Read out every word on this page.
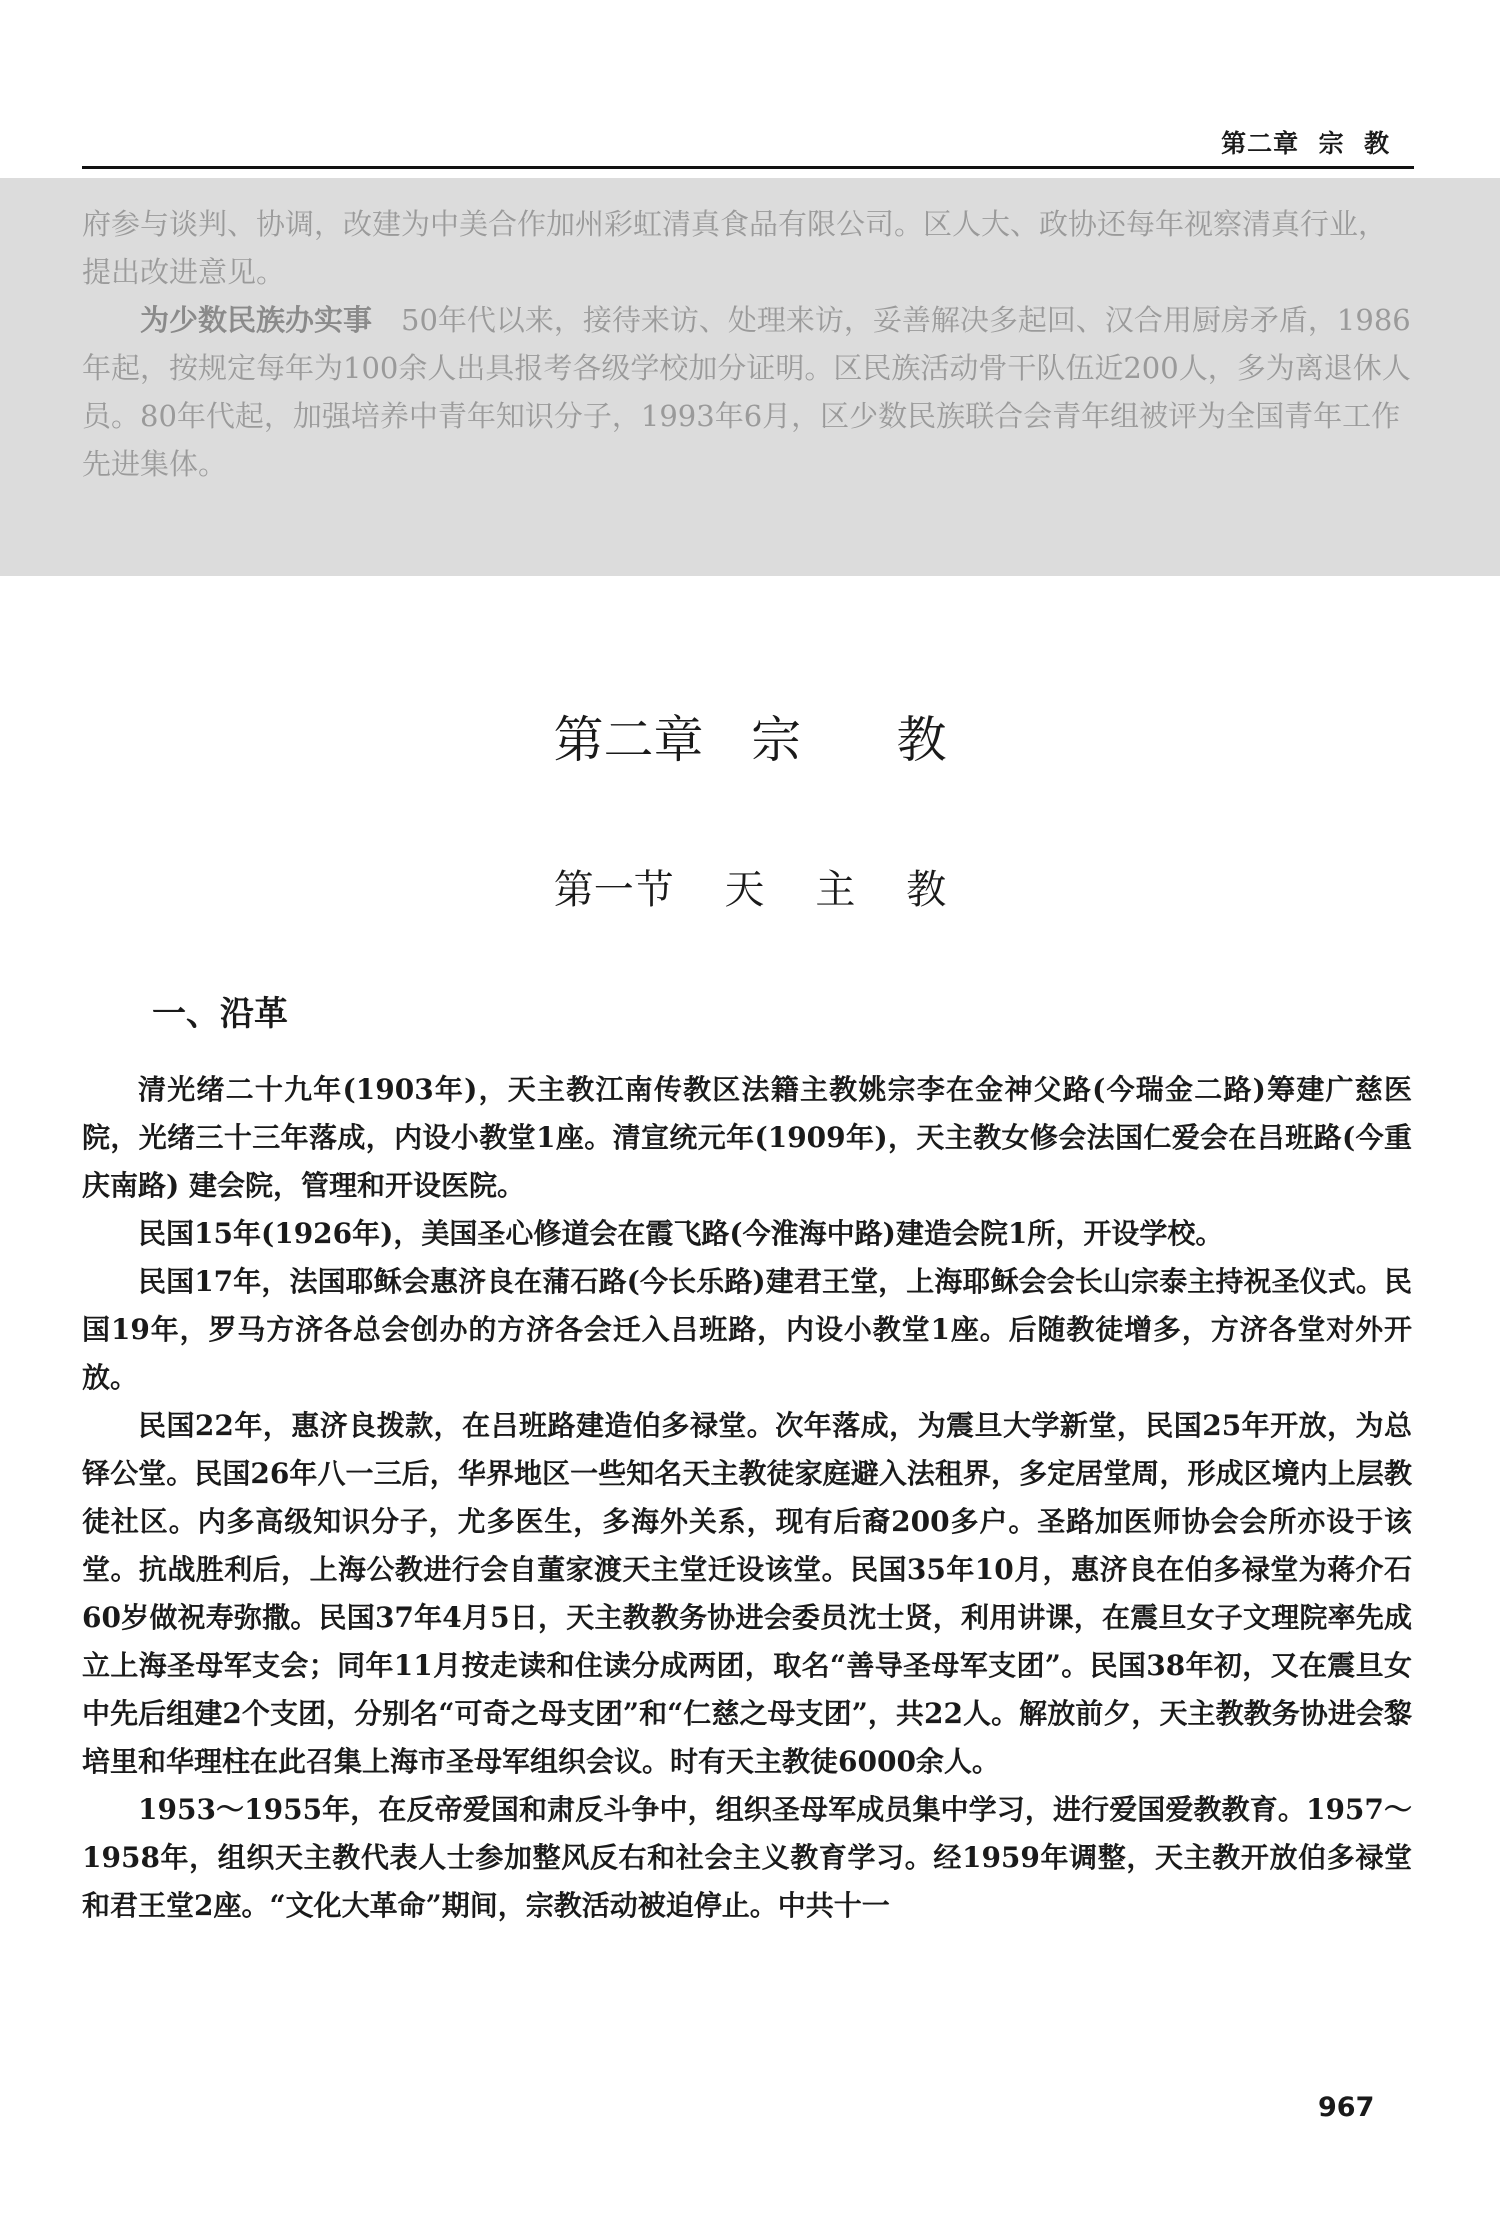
第二章  宗  教

府参与谈判、协调，改建为中美合作加州彩虹清真食品有限公司。区人大、政协还每年视察清真行业，提出改进意见。

为少数民族办实事　50年代以来，接待来访、处理来访，妥善解决多起回、汉合用厨房矛盾，1986年起，按规定每年为100余人出具报考各级学校加分证明。区民族活动骨干队伍近200人，多为离退休人员。80年代起，加强培养中青年知识分子，1993年6月，区少数民族联合会青年组被评为全国青年工作先进集体。

第二章   宗      教
第一节    天    主    教
一、沿革

清光绪二十九年(1903年)，天主教江南传教区法籍主教姚宗李在金神父路(今瑞金二路)筹建广慈医院，光绪三十三年落成，内设小教堂1座。清宣统元年(1909年)，天主教女修会法国仁爱会在吕班路(今重庆南路) 建会院，管理和开设医院。

民国15年(1926年)，美国圣心修道会在霞飞路(今淮海中路)建造会院1所，开设学校。

民国17年，法国耶稣会惠济良在蒲石路(今长乐路)建君王堂，上海耶稣会会长山宗泰主持祝圣仪式。民国19年，罗马方济各总会创办的方济各会迁入吕班路，内设小教堂1座。后随教徒增多，方济各堂对外开放。

民国22年，惠济良拨款，在吕班路建造伯多禄堂。次年落成，为震旦大学新堂，民国25年开放，为总铎公堂。民国26年八一三后，华界地区一些知名天主教徒家庭避入法租界，多定居堂周，形成区境内上层教徒社区。内多高级知识分子，尤多医生，多海外关系，现有后裔200多户。圣路加医师协会会所亦设于该堂。抗战胜利后，上海公教进行会自董家渡天主堂迁设该堂。民国35年10月，惠济良在伯多禄堂为蒋介石60岁做祝寿弥撒。民国37年4月5日，天主教教务协进会委员沈士贤，利用讲课，在震旦女子文理院率先成立上海圣母军支会；同年11月按走读和住读分成两团，取名“善导圣母军支团”。民国38年初，又在震旦女中先后组建2个支团，分别名“可奇之母支团”和“仁慈之母支团”，共22人。解放前夕，天主教教务协进会黎培里和华理柱在此召集上海市圣母军组织会议。时有天主教徒6000余人。

1953～1955年，在反帝爱国和肃反斗争中，组织圣母军成员集中学习，进行爱国爱教教育。1957～1958年，组织天主教代表人士参加整风反右和社会主义教育学习。经1959年调整，天主教开放伯多禄堂和君王堂2座。“文化大革命”期间，宗教活动被迫停止。中共十一

967
